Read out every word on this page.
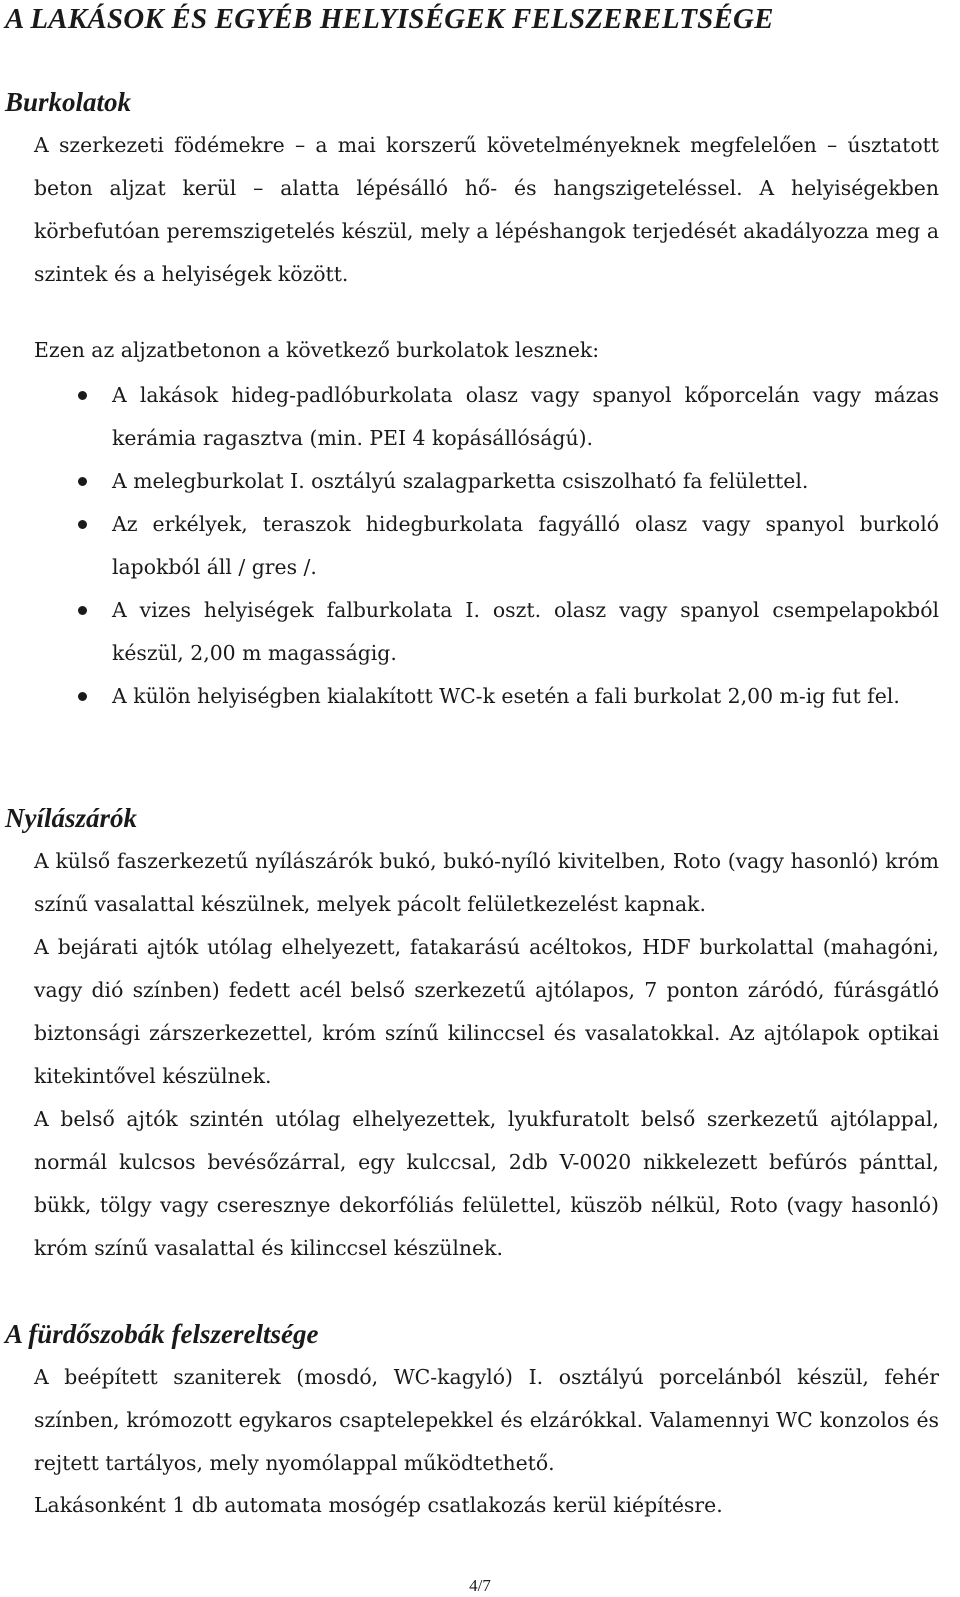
A LAKÁSOK ÉS EGYÉB HELYISÉGEK FELSZERELTSÉGE
Burkolatok

A szerkezeti födémekre – a mai korszerű követelményeknek megfelelően – úsztatott beton aljzat kerül – alatta lépésálló hő- és hangszigeteléssel. A helyiségekben körbefutóan peremszigetelés készül, mely a lépéshangok terjedését akadályozza meg a szintek és a helyiségek között.

Ezen az aljzatbetonon a következő burkolatok lesznek:

A lakások hideg-padlóburkolata olasz vagy spanyol kőporcelán vagy mázas kerámia ragasztva (min. PEI 4 kopásállóságú).
A melegburkolat I. osztályú szalagparketta csiszolható fa felülettel.
Az erkélyek, teraszok hidegburkolata fagyálló olasz vagy spanyol burkoló lapokból áll / gres /.
A vizes helyiségek falburkolata I. oszt. olasz vagy spanyol csempelapokból készül, 2,00 m magasságig.
A külön helyiségben kialakított WC-k esetén a fali burkolat 2,00 m-ig fut fel.
Nyílászárók

A külső faszerkezetű nyílászárók bukó, bukó-nyíló kivitelben, Roto (vagy hasonló) króm színű vasalattal készülnek, melyek pácolt felületkezelést kapnak.

A bejárati ajtók utólag elhelyezett, fatakarású acéltokos, HDF burkolattal (mahagóni, vagy dió színben) fedett acél belső szerkezetű ajtólapos, 7 ponton záródó, fúrásgátló biztonsági zárszerkezettel, króm színű kilinccsel és vasalatokkal. Az ajtólapok optikai kitekintővel készülnek.

A belső ajtók szintén utólag elhelyezettek, lyukfuratolt belső szerkezetű ajtólappal, normál kulcsos bevésőzárral, egy kulccsal, 2db V-0020 nikkelezett befúrós pánttal, bükk, tölgy vagy cseresznye dekorfóliás felülettel, küszöb nélkül, Roto (vagy hasonló) króm színű vasalattal és kilinccsel készülnek.

A fürdőszobák felszereltsége

A beépített szaniterek (mosdó, WC-kagyló) I. osztályú porcelánból készül, fehér színben, krómozott egykaros csaptelepekkel és elzárókkal. Valamennyi WC konzolos és rejtett tartályos, mely nyomólappal működtethető.

Lakásonként 1 db automata mosógép csatlakozás kerül kiépítésre.

4/7
